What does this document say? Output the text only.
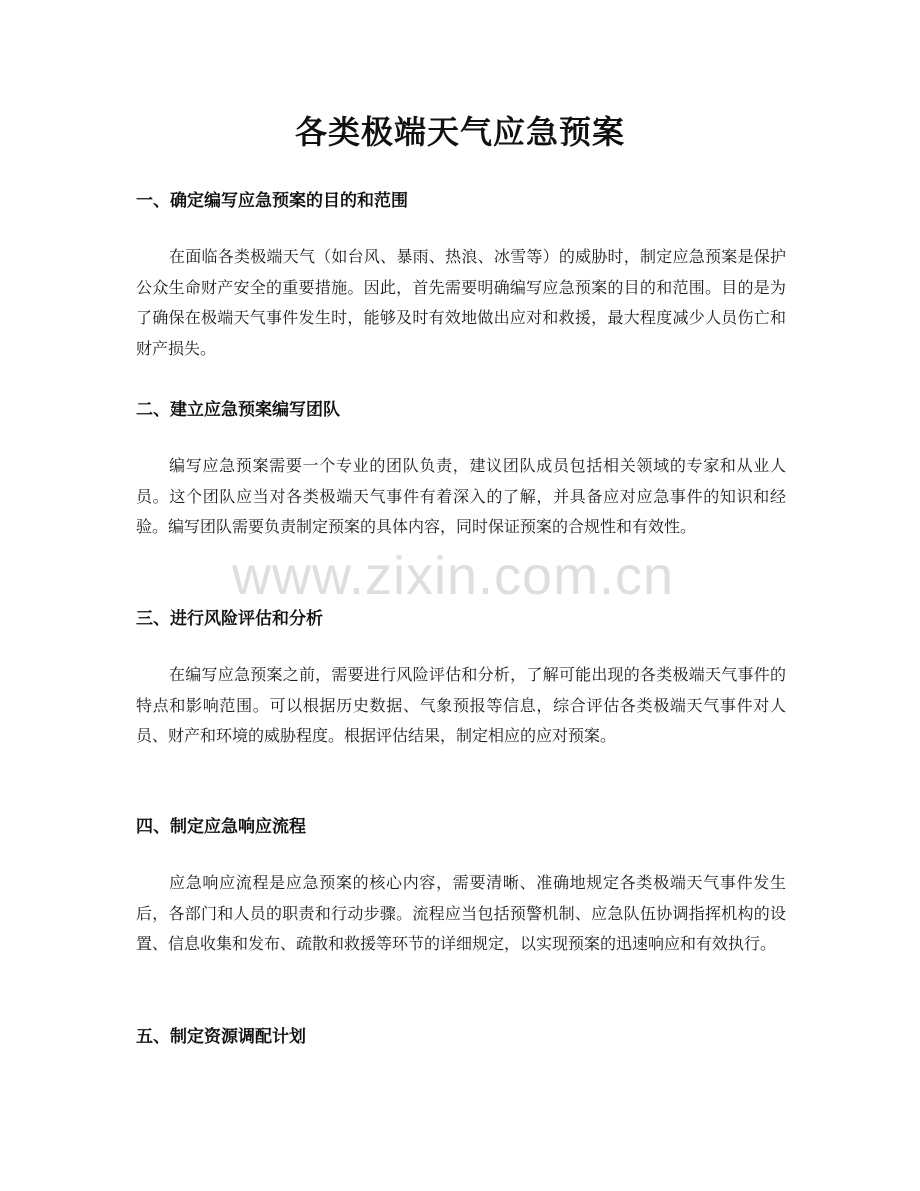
各类极端天气应急预案
一、确定编写应急预案的目的和范围

在面临各类极端天气（如台风、暴雨、热浪、冰雪等）的威胁时，制定应急预案是保护公众生命财产安全的重要措施。因此，首先需要明确编写应急预案的目的和范围。目的是为了确保在极端天气事件发生时，能够及时有效地做出应对和救援，最大程度减少人员伤亡和财产损失。

二、建立应急预案编写团队

编写应急预案需要一个专业的团队负责，建议团队成员包括相关领域的专家和从业人员。这个团队应当对各类极端天气事件有着深入的了解，并具备应对应急事件的知识和经验。编写团队需要负责制定预案的具体内容，同时保证预案的合规性和有效性。

三、进行风险评估和分析

在编写应急预案之前，需要进行风险评估和分析，了解可能出现的各类极端天气事件的特点和影响范围。可以根据历史数据、气象预报等信息，综合评估各类极端天气事件对人员、财产和环境的威胁程度。根据评估结果，制定相应的应对预案。

四、制定应急响应流程

应急响应流程是应急预案的核心内容，需要清晰、准确地规定各类极端天气事件发生后，各部门和人员的职责和行动步骤。流程应当包括预警机制、应急队伍协调指挥机构的设置、信息收集和发布、疏散和救援等环节的详细规定，以实现预案的迅速响应和有效执行。

五、制定资源调配计划
www.zixin.com.cn
